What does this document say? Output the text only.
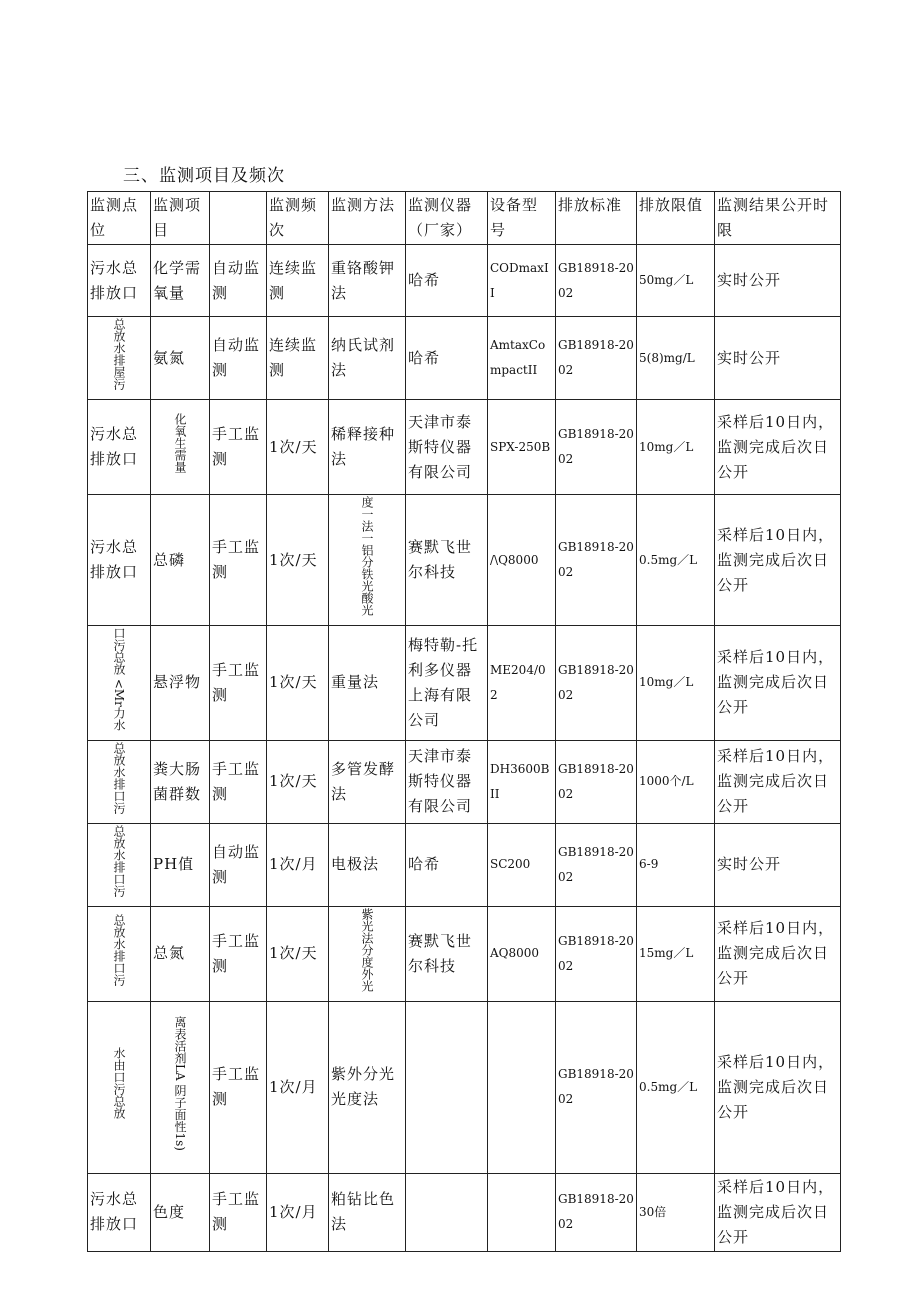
三、监测项目及频次
监测点位	监测项目		监测频次	监测方法	监测仪器（厂家）	设备型号	排放标准	排放限值	监测结果公开时限
污水总排放口	化学需氧量	自动监测	连续监测	重铬酸钾法	哈希	CODmaxII	GB18918-2002	50mg／L	实时公开
总放水排屋污	氨氮	自动监测	连续监测	纳氏试剂法	哈希	AmtaxCompactII	GB18918-2002	5(8)mg/L	实时公开
污水总排放口	化氧生需量	手工监测	1次/天	稀释接种法	天津市泰斯特仪器有限公司	SPX-250B	GB18918-2002	10mg／L	采样后10日内，监测完成后次日公开
污水总排放口	总磷	手工监测	1次/天	度一法一铝分铁光酸光	赛默飞世尔科技	/\Q8000	GB18918-2002	0.5mg／L	采样后10日内，监测完成后次日公开
口污总放 <Mr力水	悬浮物	手工监测	1次/天	重量法	梅特勒-托利多仪器上海有限公司	ME204/02	GB18918-2002	10mg／L	采样后10日内，监测完成后次日公开
总放水排口污	粪大肠菌群数	手工监测	1次/天	多管发酵法	天津市泰斯特仪器有限公司	DH3600BII	GB18918-2002	1000个/L	采样后10日内，监测完成后次日公开
总放水排口污	PH值	自动监测	1次/月	电极法	哈希	SC200	GB18918-2002	6-9	实时公开
总放水排口污	总氮	手工监测	1次/天	紫光法分度外光	赛默飞世尔科技	AQ8000	GB18918-2002	15mg／L	采样后10日内，监测完成后次日公开
水由口污总放	离表活剂LA 阴子面性1s)	手工监测	1次/月	紫外分光光度法			GB18918-2002	0.5mg／L	采样后10日内，监测完成后次日公开
污水总排放口	色度	手工监测	1次/月	粕钻比色法			GB18918-2002	30倍	采样后10日内，监测完成后次日公开
